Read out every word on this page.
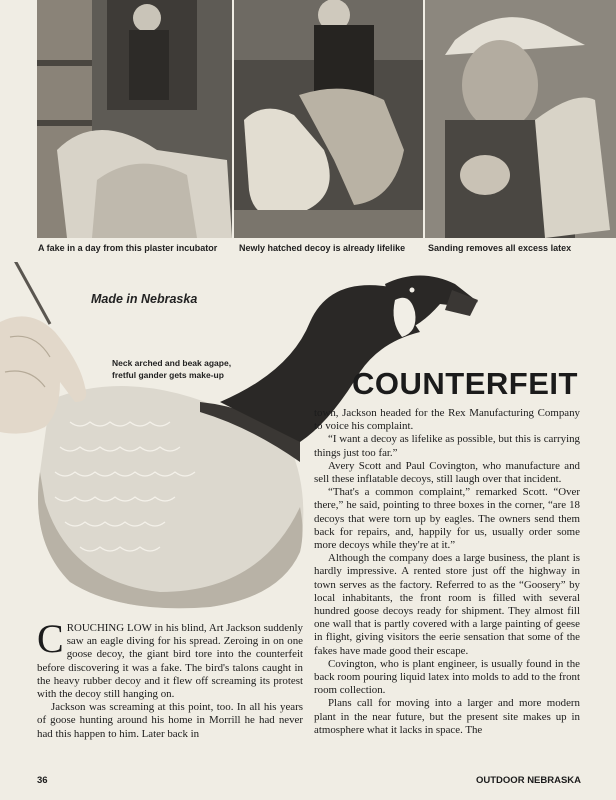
A fake in a day from this plaster incubator Newly hatched decoy is already lifelike	Sanding removes all excess latex
Made in Nebraska
Neck arched and beak agape,
fretful gander gets make-up	COUNTERFEIT

CROUCHING LOW in his blind, Art Jackson suddenly saw an eagle diving for his spread. Zeroing in on one goose decoy, the giant bird tore into the counterfeit before discovering it was a fake. The bird's talons caught in the heavy rubber decoy and it flew off screaming its protest with the decoy still hanging on.

Jackson was screaming at this point, too. In all his years of goose hunting around his home in Morrill he had never had this happen to him. Later back in

town, Jackson headed for the Rex Manufacturing Company to voice his complaint.

“I want a decoy as lifelike as possible, but this is carrying things just too far.”

Avery Scott and Paul Covington, who manufacture and sell these inflatable decoys, still laugh over that incident.

“That's a common complaint,” remarked Scott. “Over there,” he said, pointing to three boxes in the corner, “are 18 decoys that were torn up by eagles. The owners send them back for repairs, and, happily for us, usually order some more decoys while they're at it.”

Although the company does a large business, the plant is hardly impressive. A rented store just off the highway in town serves as the factory. Referred to as the “Goosery” by local inhabitants, the front room is filled with several hundred goose decoys ready for shipment. They almost fill one wall that is partly covered with a large painting of geese in flight, giving visitors the eerie sensation that some of the fakes have made good their escape.

Covington, who is plant engineer, is usually found in the back room pouring liquid latex into molds to add to the front room collection.

Plans call for moving into a larger and more modern plant in the near future, but the present site makes up in atmosphere what it lacks in space. The

36	OUTDOOR NEBRASKA
